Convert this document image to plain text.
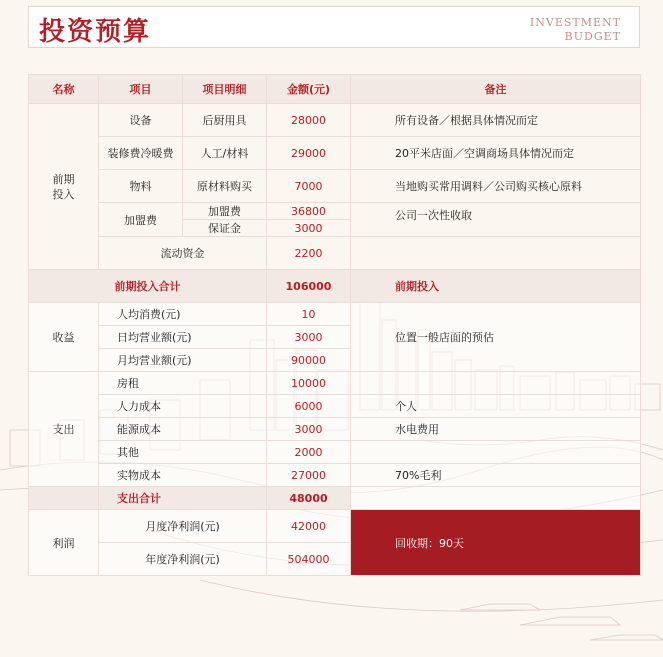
投资预算	INVESTMENT
BUDGET
名称	项目	项目明细	金额(元)	备注
前期
投入	设备	后厨用具	28000	所有设备／根据具体情况而定
	装修费冷暖费	人工/材料	29000	20平米店面／空调商场具体情况而定
	物料	原材料购买	7000	当地购买常用调料／公司购买核心原料
	加盟费	加盟费	36800	公司一次性收取
		保证金	3000	
	流动资金		2200	
前期投入合计			106000	前期投入
收益	人均消费(元)		10	位置一般店面的预估
	日均营业额(元)		3000	
	月均营业额(元)		90000	
支出	房租		10000	
	人力成本		6000	个人
	能源成本		3000	水电费用
	其他		2000	
	实物成本		27000	70%毛利
	支出合计		48000	
利润	月度净利润(元)		42000	回收期：90天
	年度净利润(元)		504000	
